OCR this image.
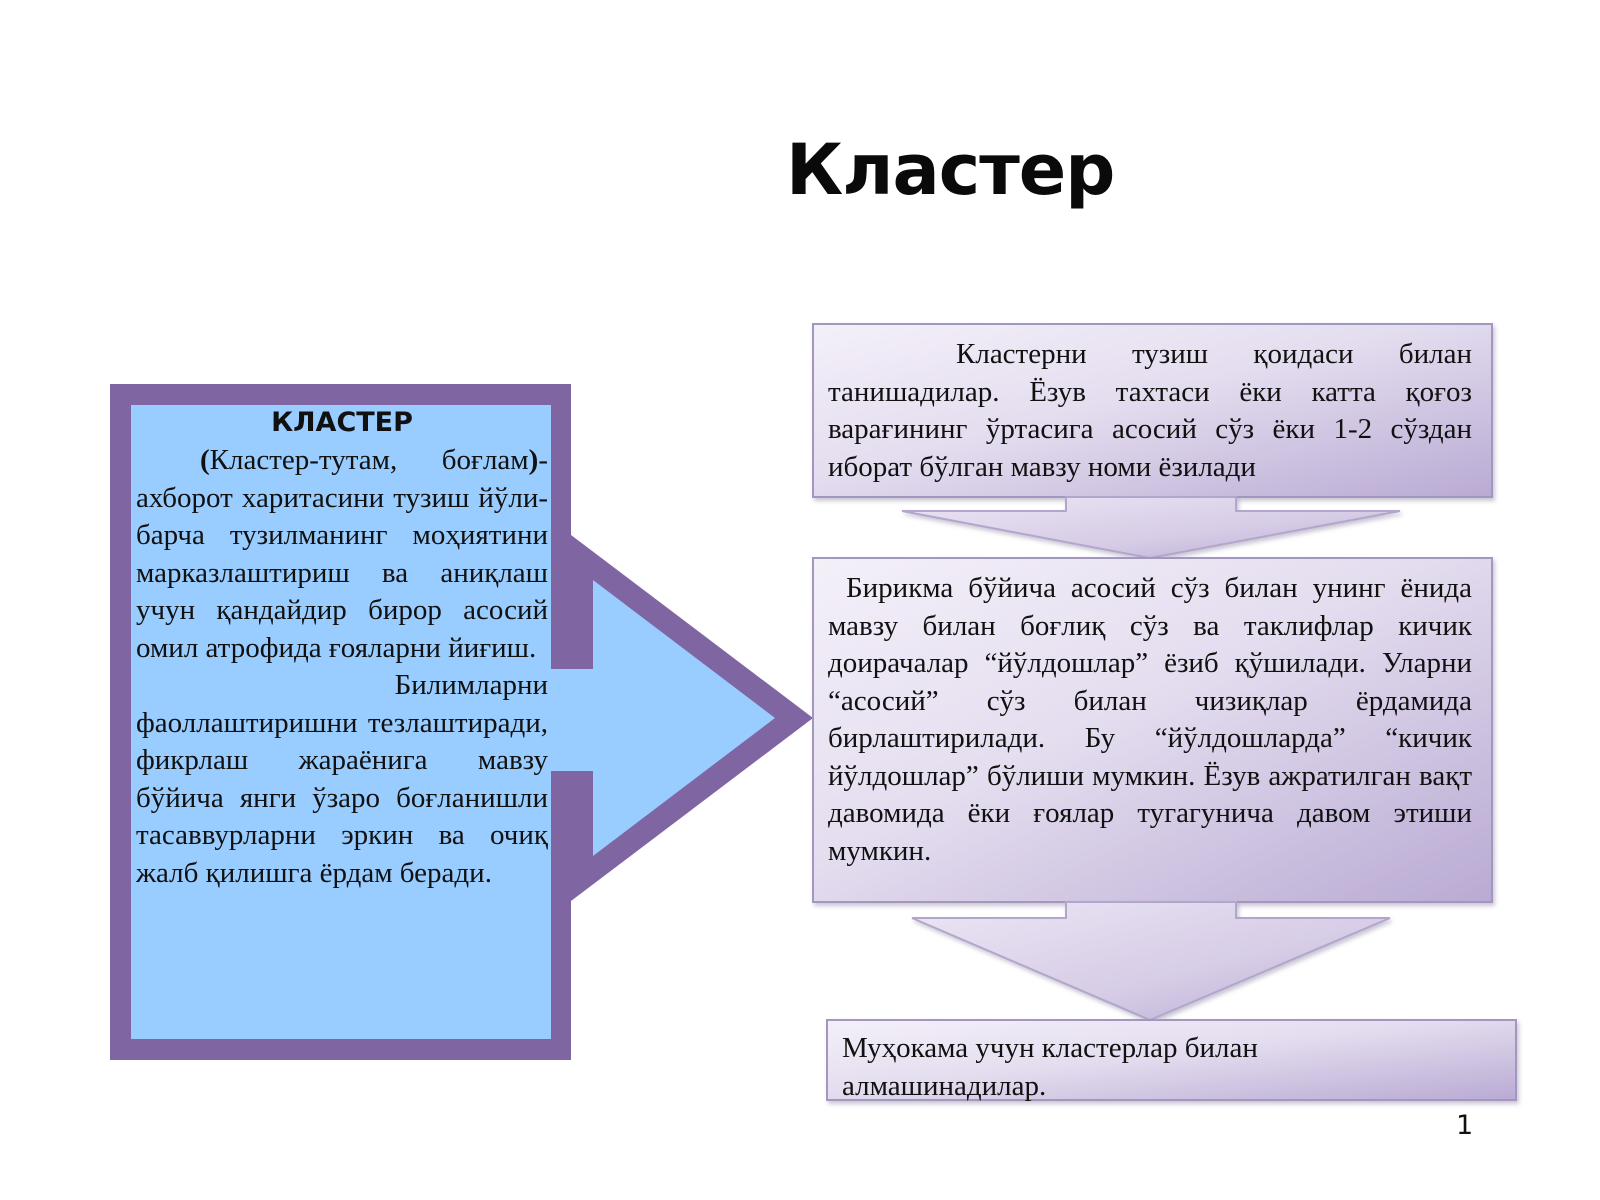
Кластер
КЛАСТЕР

(Кластер-тутам, боғлам)- ахборот харитасини тузиш йўли- барча тузилманинг моҳиятини марказлаштириш ва аниқлаш учун қандайдир бирор асосий омил атрофида ғояларни йиғиш.

Билимларни
фаоллаштиришни тезлаштиради, фикрлаш жараёнига мавзу бўйича янги ўзаро боғланишли тасаввурларни эркин ва очиқ жалб қилишга ёрдам беради.

Кластерни тузиш қоидаси билан танишадилар. Ёзув тахтаси ёки катта қоғоз варағининг ўртасига асосий сўз ёки 1-2 сўздан иборат бўлган мавзу номи ёзилади
Бирикма бўйича асосий сўз билан унинг ёнида мавзу билан боғлиқ сўз ва таклифлар кичик доирачалар “йўлдошлар” ёзиб қўшилади. Уларни “асосий” сўз билан чизиқлар ёрдамида бирлаштирилади. Бу “йўлдошларда” “кичик йўлдошлар” бўлиши мумкин. Ёзув ажратилган вақт давомида ёки ғоялар тугагунича давом этиши мумкин.
Муҳокама учун кластерлар билан алмашинадилар.
1
